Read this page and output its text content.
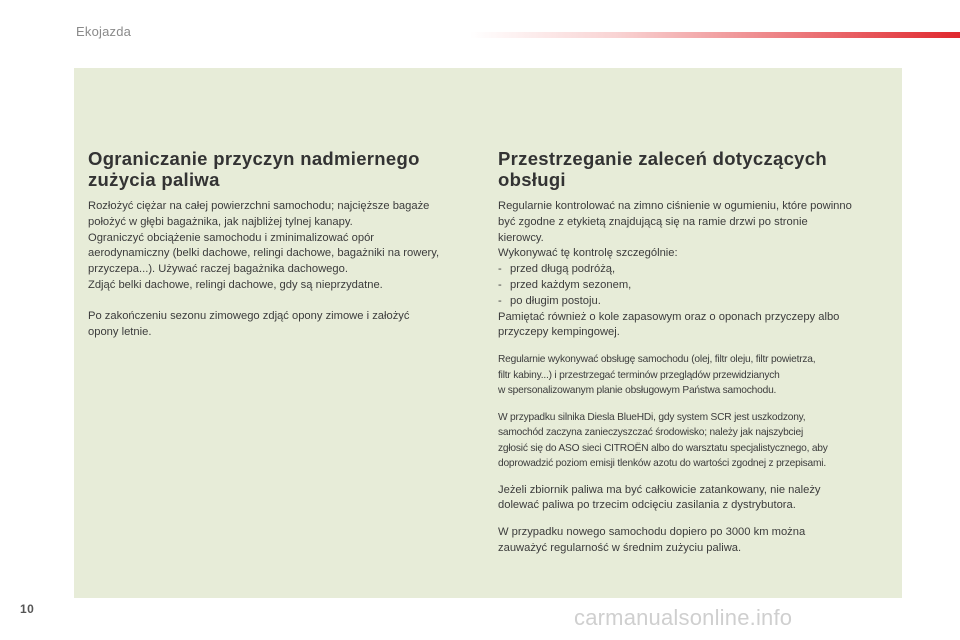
Ekojazda
Ograniczanie przyczyn nadmiernego
zużycia paliwa

Rozłożyć ciężar na całej powierzchni samochodu; najcięższe bagaże
położyć w głębi bagażnika, jak najbliżej tylnej kanapy.
Ograniczyć obciążenie samochodu i zminimalizować opór
aerodynamiczny (belki dachowe, relingi dachowe, bagażniki na rowery,
przyczepa...). Używać raczej bagażnika dachowego.
Zdjąć belki dachowe, relingi dachowe, gdy są nieprzydatne.

Po zakończeniu sezonu zimowego zdjąć opony zimowe i założyć
opony letnie.

Przestrzeganie zaleceń dotyczących
obsługi
Regularnie kontrolować na zimno ciśnienie w ogumieniu, które powinno
być zgodne z etykietą znajdującą się na ramie drzwi po stronie
kierowcy.
Wykonywać tę kontrolę szczególnie:
- przed długą podróżą,
- przed każdym sezonem,
- po długim postoju.
Pamiętać również o kole zapasowym oraz o oponach przyczepy albo
przyczepy kempingowej.

Regularnie wykonywać obsługę samochodu (olej, filtr oleju, filtr powietrza,
filtr kabiny...) i przestrzegać terminów przeglądów przewidzianych
w spersonalizowanym planie obsługowym Państwa samochodu.

W przypadku silnika Diesla BlueHDi, gdy system SCR jest uszkodzony,
samochód zaczyna zanieczyszczać środowisko; należy jak najszybciej
zgłosić się do ASO sieci CITROËN albo do warsztatu specjalistycznego, aby
doprowadzić poziom emisji tlenków azotu do wartości zgodnej z przepisami.

Jeżeli zbiornik paliwa ma być całkowicie zatankowany, nie należy
dolewać paliwa po trzecim odcięciu zasilania z dystrybutora.

W przypadku nowego samochodu dopiero po 3000 km można
zauważyć regularność w średnim zużyciu paliwa.

10	carmanualsonline.info
